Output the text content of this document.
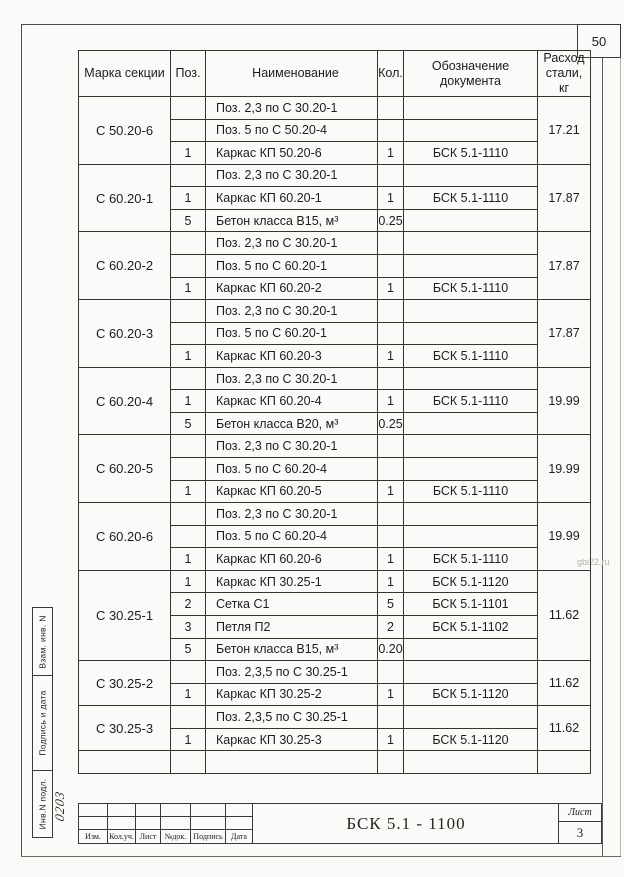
50
gbi22.ru
Марка секции	Поз.	Наименование	Кол.	Обозначение документа	Расход стали, кг
С 50.20-6		Поз. 2,3 по С 30.20-1			17.21
		Поз. 5 по С 50.20-4			
	1	Каркас КП 50.20-6	1	БСК 5.1-1110	
С 60.20-1		Поз. 2,3 по С 30.20-1			17.87
	1	Каркас КП 60.20-1	1	БСК 5.1-1110	
	5	Бетон класса В15, м³	0.25		
С 60.20-2		Поз. 2,3 по С 30.20-1			17.87
		Поз. 5 по С 60.20-1			
	1	Каркас КП 60.20-2	1	БСК 5.1-1110	
С 60.20-3		Поз. 2,3 по С 30.20-1			17.87
		Поз. 5 по С 60.20-1			
	1	Каркас КП 60.20-3	1	БСК 5.1-1110	
С 60.20-4		Поз. 2,3 по С 30.20-1			19.99
	1	Каркас КП 60.20-4	1	БСК 5.1-1110	
	5	Бетон класса В20, м³	0.25		
С 60.20-5		Поз. 2,3 по С 30.20-1			19.99
		Поз. 5 по С 60.20-4			
	1	Каркас КП 60.20-5	1	БСК 5.1-1110	
С 60.20-6		Поз. 2,3 по С 30.20-1			19.99
		Поз. 5 по С 60.20-4			
	1	Каркас КП 60.20-6	1	БСК 5.1-1110	
С 30.25-1	1	Каркас КП 30.25-1	1	БСК 5.1-1120	11.62
	2	Сетка С1	5	БСК 5.1-1101	
	3	Петля П2	2	БСК 5.1-1102	
	5	Бетон класса В15, м³	0.20		
С 30.25-2		Поз. 2,3,5 по С 30.25-1			11.62
	1	Каркас КП 30.25-2	1	БСК 5.1-1120	
С 30.25-3		Поз. 2,3,5 по С 30.25-1			11.62
	1	Каркас КП 30.25-3	1	БСК 5.1-1120	

Взам. инв. N
Подпись и дата
Инв.N подл. 0203
Изм.	Кол.уч. Лист	№док. Подпись	Дата
БСК 5.1 - 1100
Лист
3
